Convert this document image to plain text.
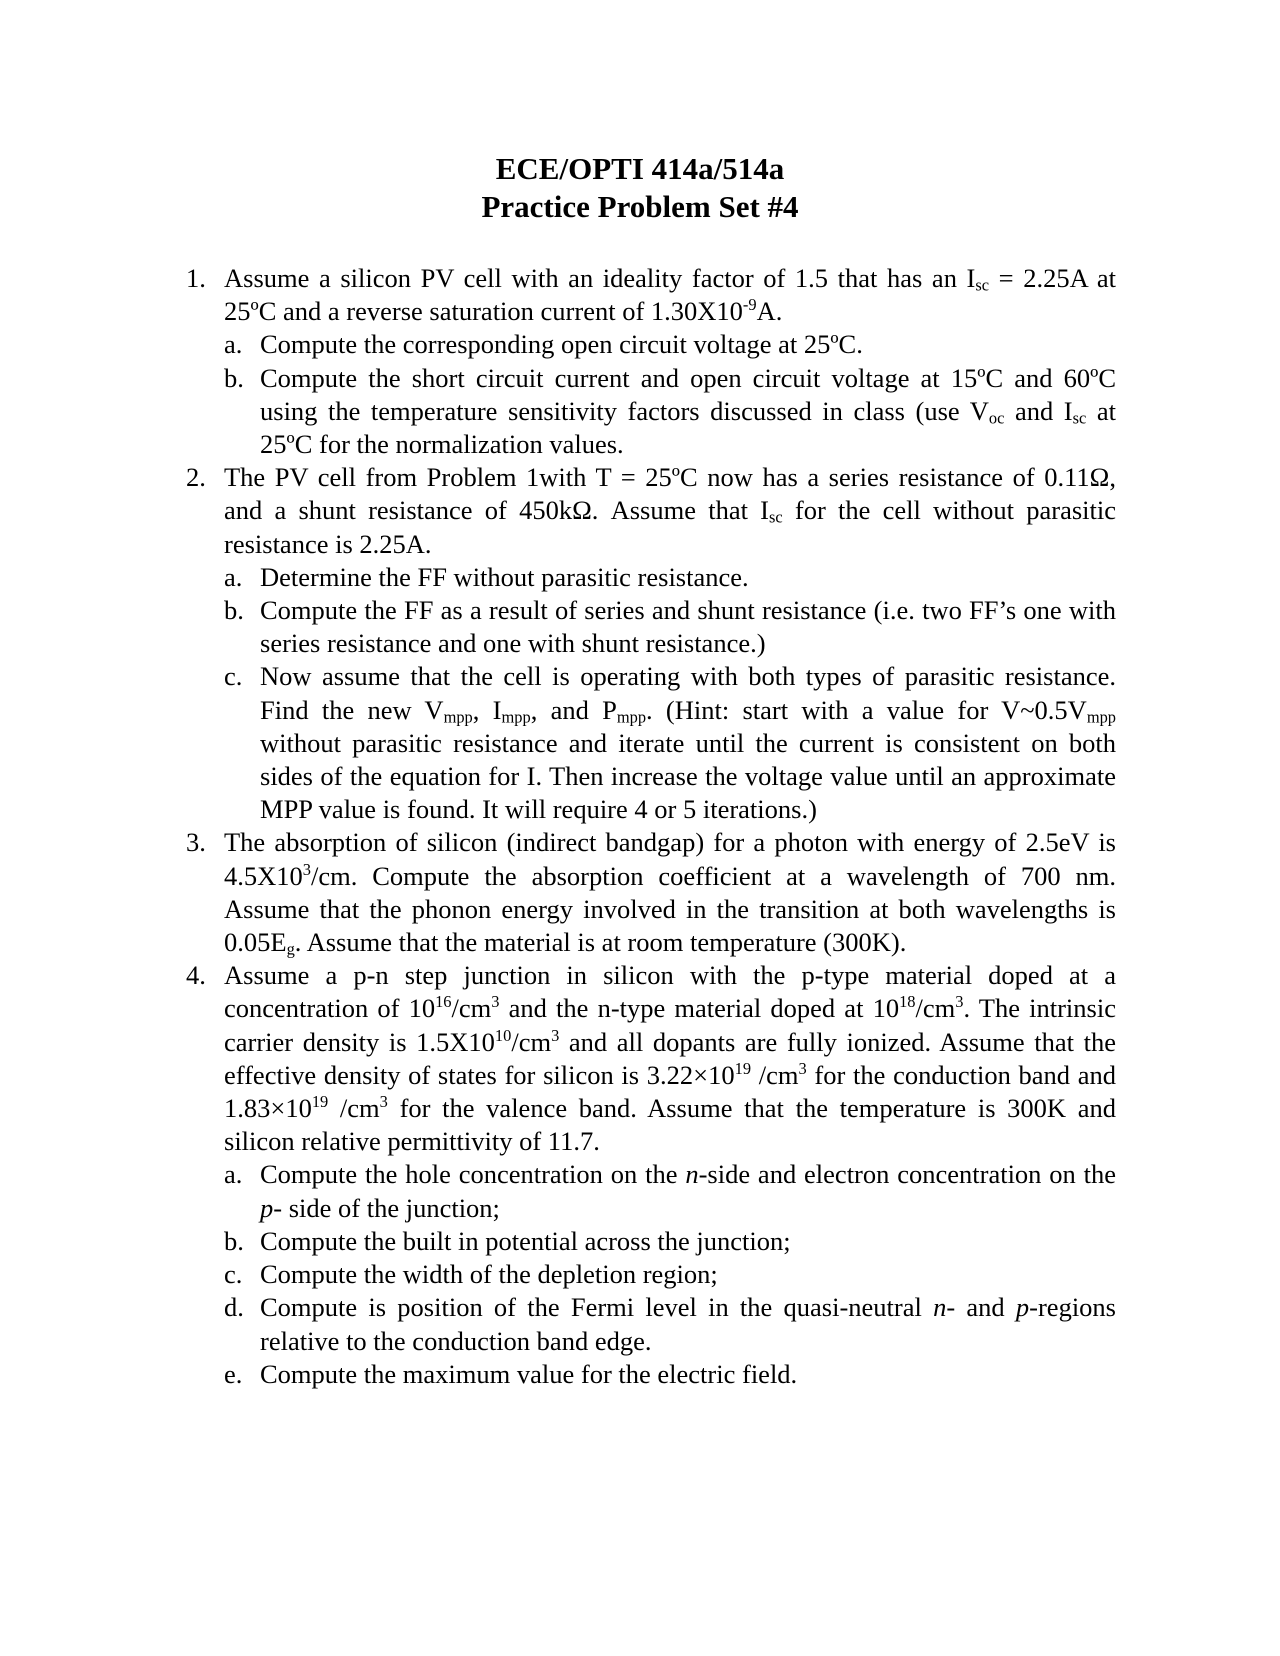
ECE/OPTI 414a/514a
Practice Problem Set #4
1. Assume a silicon PV cell with an ideality factor of 1.5 that has an $I_{sc} = 2.25A$ at 25ºC and a reverse saturation current of $1.30X10^{-9}A$.
a. Compute the corresponding open circuit voltage at 25ºC.
b. Compute the short circuit current and open circuit voltage at 15ºC and 60ºC using the temperature sensitivity factors discussed in class (use $V_{oc}$ and $I_{sc}$ at 25ºC for the normalization values.
2. The PV cell from Problem 1with T = 25ºC now has a series resistance of 0.11Ω, and a shunt resistance of 450kΩ. Assume that $I_{sc}$ for the cell without parasitic resistance is 2.25A.
a. Determine the FF without parasitic resistance.
b. Compute the FF as a result of series and shunt resistance (i.e. two FF’s one with series resistance and one with shunt resistance.)
c. Now assume that the cell is operating with both types of parasitic resistance. Find the new $V_{mpp}$, $I_{mpp}$, and $P_{mpp}$. (Hint: start with a value for $V\sim 0.5V_{mpp}$ without parasitic resistance and iterate until the current is consistent on both sides of the equation for I. Then increase the voltage value until an approximate MPP value is found. It will require 4 or 5 iterations.)
3. The absorption of silicon (indirect bandgap) for a photon with energy of 2.5eV is $4.5X10^3/cm$. Compute the absorption coefficient at a wavelength of 700 nm. Assume that the phonon energy involved in the transition at both wavelengths is $0.05E_g$. Assume that the material is at room temperature (300K).
4. Assume a p-n step junction in silicon with the p-type material doped at a concentration of $10^{16}/cm^3$ and the n-type material doped at $10^{18}/cm^3$. The intrinsic carrier density is $1.5X10^{10}/cm^3$ and all dopants are fully ionized. Assume that the effective density of states for silicon is $3.22\times 10^{19}$ $/cm^3$ for the conduction band and $1.83\times 10^{19}$ $/cm^3$ for the valence band. Assume that the temperature is 300K and silicon relative permittivity of 11.7.
a. Compute the hole concentration on the n-side and electron concentration on the p- side of the junction;
b. Compute the built in potential across the junction;
c. Compute the width of the depletion region;
d. Compute is position of the Fermi level in the quasi-neutral n- and p-regions relative to the conduction band edge.
e. Compute the maximum value for the electric field.
